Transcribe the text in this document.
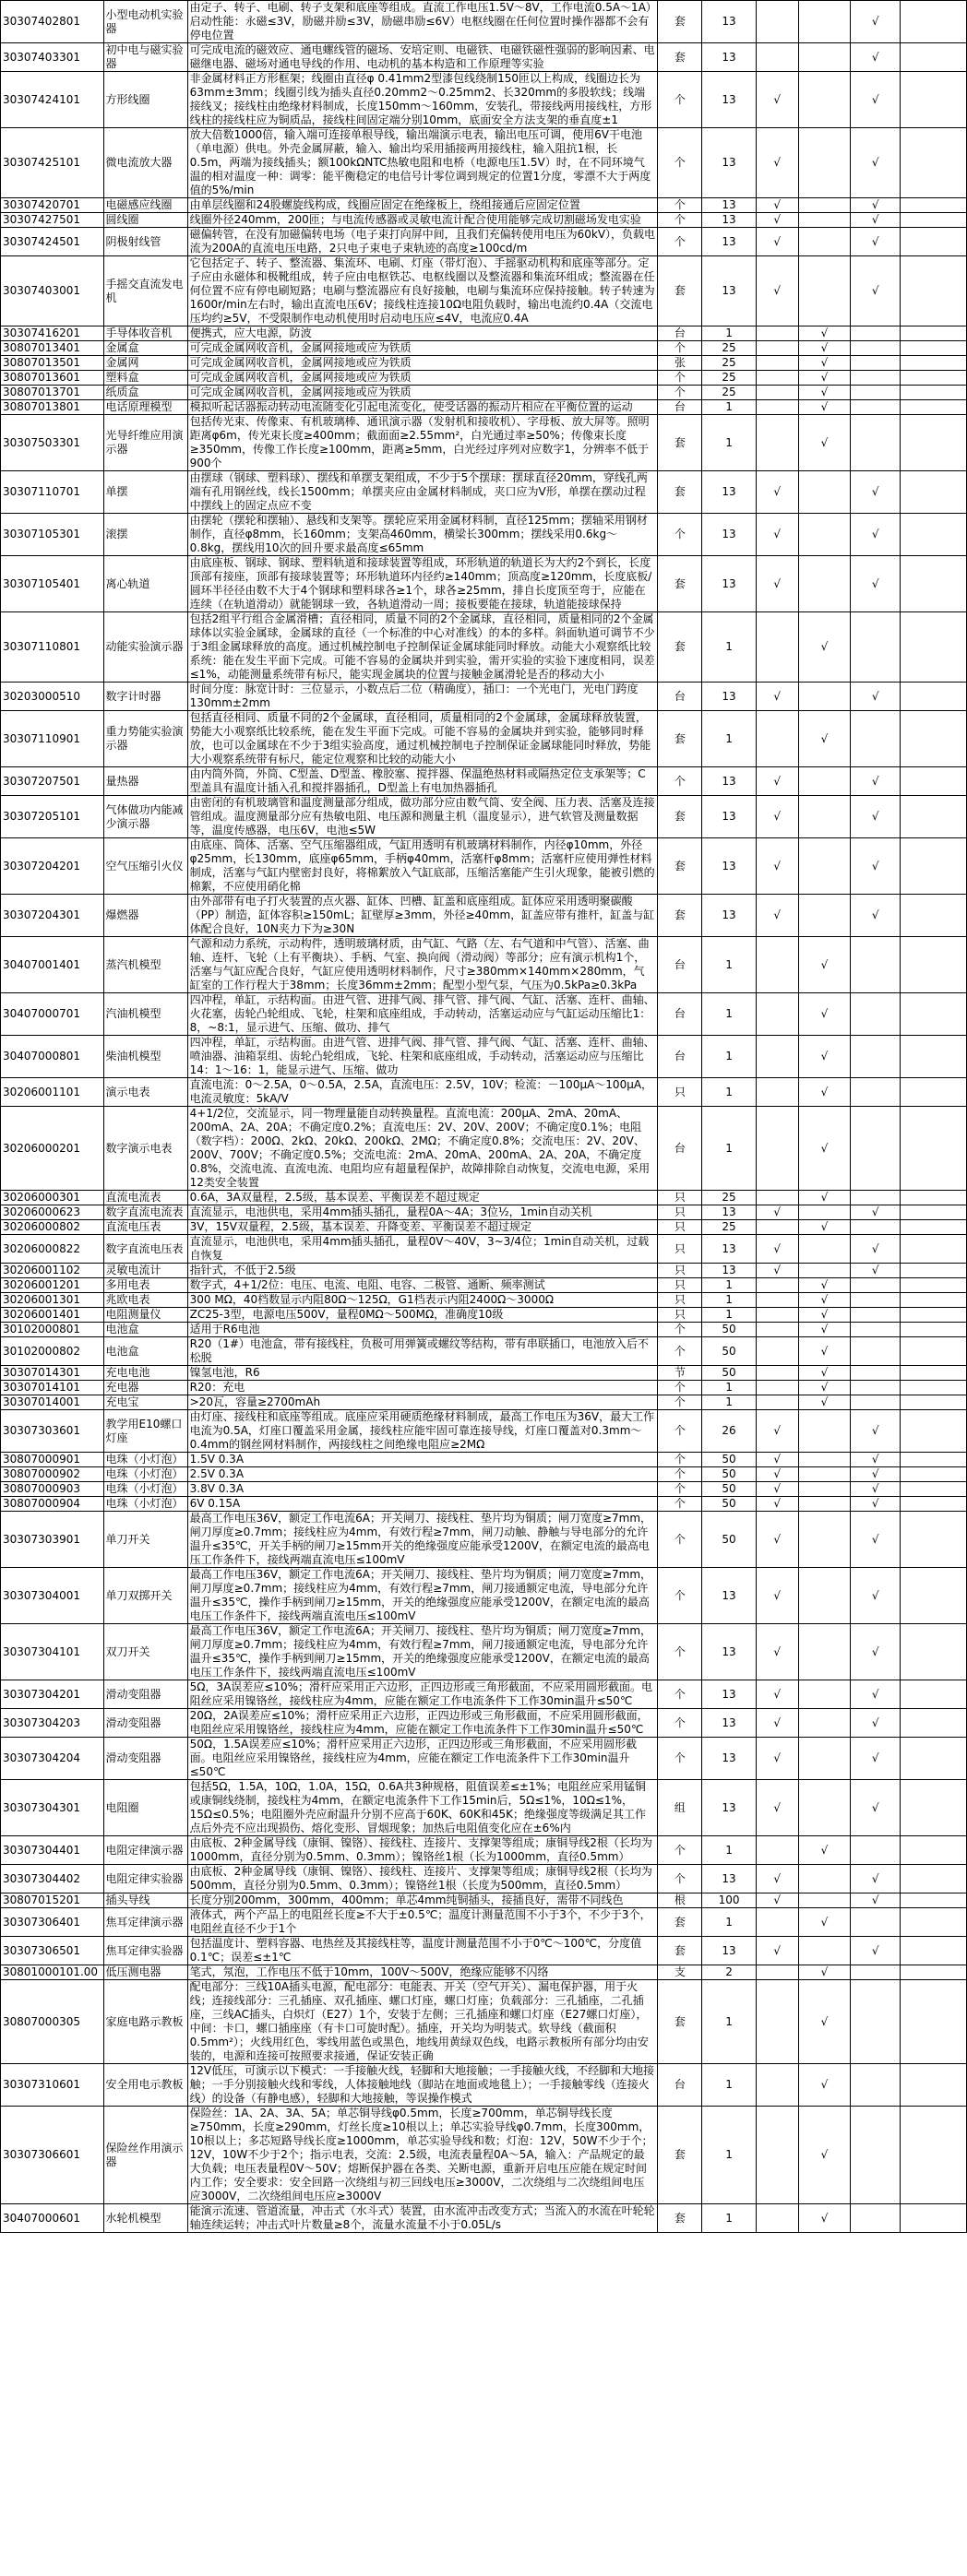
30307402801	小型电动机实验器	由定子、转子、电刷、转子支架和底座等组成。直流工作电压1.5V～8V，工作电流0.5A～1A）启动性能：永磁≤3V，励磁并励≤3V，励磁串励≤6V）电枢线圈在任何位置时操作器都不会有停电位置	套	13			√	
30307403301	初中电与磁实验器	可完成电流的磁效应、通电螺线管的磁场、安培定则、电磁铁、电磁铁磁性强弱的影响因素、电磁继电器、磁场对通电导线的作用、电动机的基本构造和工作原理等实验	套	13			√	
30307424101	方形线圈	非金属材料正方形框架；线圈由直径φ 0.41mm2型漆包线绕制150匝以上构成，线圈边长为63mm±3mm；线圈引线为插头直径0.20mm2～0.25mm2、长320mm的多股软线；线端接线叉；接线柱由绝缘材料制成，长度150mm～160mm，安装孔，带接线两用接线柱，方形线柱的接线柱应为铜质品，接线柱间固定端分别10mm，底面安全方法支架的垂直度±1	个	13	√		√	
30307425101	微电流放大器	放大倍数1000倍，输入端可连接单根导线，输出端演示电表，输出电压可调，使用6V干电池（单电源）供电。外壳金属屏蔽，输入、输出均采用插接两用接线柱，输入阻抗1根，长0.5m，两端为接线插头；额100kΩNTC热敏电阻和电桥（电源电压1.5V）时，在不同环境气温的相对温度一种：调零：能平衡稳定的电信号计零位调到规定的位置1分度，零漂不大于两度值的5%/min	个	13	√		√	
30307420701	电磁感应线圈	由单层线圈和24股螺旋线构成，线圈应固定在绝缘板上，绕组接通后应固定位置	个	13	√		√	
30307427501	圆线圈	线圈外径240mm，200匝；与电流传感器或灵敏电流计配合使用能够完成切割磁场发电实验	个	13	√		√	
30307424501	阴极射线管	磁偏转管，在没有加磁偏转电场（电子束打向屏中间，且我们充偏转使用电压为60kV），负载电流为200A的直流电压电路，2只电子束电子束轨迹的高度≥100cd/m	个	13	√		√	
30307403001	手摇交直流发电机	它包括定子、转子、整流器、集流环、电刷、灯座（带灯泡）、手摇驱动机构和底座等部分。定子应由永磁体和极靴组成，转子应由电枢铁芯、电枢线圈以及整流器和集流环组成；整流器在任何位置不应有停电刷短路；电刷与整流器应有良好接触，电刷与集流环应保持接触。转子转速为1600r/min左右时，输出直流电压6V；接线柱连接10Ω电阻负载时，输出电流约0.4A（交流电压均约≥5V，不受限制作电动机使用时启动电压应≤4V，电流应0.4A	套	13	√		√	
30307416201	手导体收音机	便携式，应大电源，防波	台	1		√		
30807013401	金属盒	可完成金属网收音机，金属网接地或应为铁质	个	25		√		
30807013501	金属网	可完成金属网收音机，金属网接地或应为铁质	张	25		√		
30807013601	塑料盒	可完成金属网收音机，金属网接地或应为铁质	个	25		√		
30807013701	纸质盒	可完成金属网收音机，金属网接地或应为铁质	个	25		√		
30807013801	电话原理模型	模拟听起话器振动转动电流随变化引起电流变化，使受话器的振动片相应在平衡位置的运动	台	1		√		
30307503301	光导纤维应用演示器	包括传光束、传像束、有机玻璃棒、通讯演示器（发射机和接收机）、字母板、放大屏等。照明距离φ6m，传光束长度≥400mm；截面面≥2.55mm²，白光通过率≥50%；传像束长度≥350mm，传像工作长度≥100mm，距离≥5mm，白光经过序列对应数字1，分辨率不低于900个	套	1		√		
30307110701	单摆	由摆球（钢球、塑料球）、摆线和单摆支架组成，不少于5个摆球：摆球直径20mm，穿线孔两端有孔用钢丝线，线长1500mm；单摆夹应由金属材料制成，夹口应为V形，单摆在摆动过程中摆线上的固定点应不变	套	13	√		√	
30307105301	滚摆	由摆轮（摆轮和摆轴）、悬线和支架等。摆轮应采用金属材料制，直径125mm；摆轴采用钢材制作，直径φ8mm，长160mm；支架高460mm，横梁长300mm；摆线采用0.6kg～0.8kg，摆线用10次的回升要求最高度≤65mm	个	13	√		√	
30307105401	离心轨道	由底座板、钢球、钢球、塑料轨道和接球装置等组成，环形轨道的轨道长为大约2个到长，长度顶部有接座，顶部有接球装置等；环形轨道环内径约≥140mm；顶高度≥120mm，长度底板/圆环半径径由数不大于4个钢球和塑料球各≥1个，球各≥25mm，排自长度顶至弯于，应能在连续（在轨道滑动）就能钢球一致，各轨道滑动一周；接板要能在接球，轨道能接球保持	套	13	√		√	
30307110801	动能实验演示器	包括2组平行组合金属滑槽；直径相同，质量不同的2个金属球，直径相同，质量相同的2个金属球体以实验金属球，金属球的直径（一个标准的中心对准线）的本的多样。斜面轨道可调节不少于3组金属球释放的高度。通过机械控制电子控制保证金属球能同时释放。动能大小观察纸比较系统：能在发生平面下完成。可能不容易的金属块并到实验，需开实验的实验下速度相同，误差≤1%，动能测量系统带有标尺，能实现金属块的位置与接触金属滑轮是否的移动大小	套	1		√		
30203000510	数字计时器	时间分度：脉宽计时：三位显示，小数点后二位（精确度），插口：一个光电门，光电门跨度130mm±2mm	台	13	√		√	
30307110901	重力势能实验演示器	包括直径相同、质量不同的2个金属球，直径相同，质量相同的2个金属球，金属球释放装置，势能大小观察纸比较系统，能在发生平面下完成。可能不容易的金属块并到实验，能够同时释放，也可以金属球在不少于3组实验高度，通过机械控制电子控制保证金属球能同时释放，势能大小观察系统带有标尺，能定位观察和比较的动能大小	套	1		√		
30307207501	量热器	由内筒外筒，外筒、C型盖、D型盖、橡胶塞、搅拌器、保温绝热材料或隔热定位支承架等；C型盖具有温度计插入孔和搅拌器插孔，D型盖上有电加热器插孔	个	13	√		√	
30307205101	气体做功内能减少演示器	由密闭的有机玻璃管和温度测量部分组成，做功部分应由数气筒、安全阀、压力表、活塞及连接管组成。温度测量部分应有热敏电阻、电压源和测量主机（温度显示），进气软管及测量数据等，温度传感器，电压6V，电池≤5W	套	13	√		√	
30307204201	空气压缩引火仪	由底座、筒体、活塞、空气压缩器组成，气缸用透明有机玻璃材料制作，内径φ10mm，外径φ25mm，长130mm，底座φ65mm，手柄φ40mm，活塞杆φ8mm；活塞杆应使用弹性材料制成，活塞与气缸内壁密封良好，将棉絮放入气缸底部，压缩活塞能产生引火现象，能被引燃的棉絮，不应使用硝化棉	套	13	√		√	
30307204301	爆燃器	由外部带有电子打火装置的点火器、缸体、凹槽、缸盖和底座组成。缸体应采用透明聚碳酸（PP）制造，缸体容积≥150mL；缸壁厚≥3mm，外径≥40mm，缸盖应带有推杆，缸盖与缸体配合良好，10N夹力下为≥30N	套	13	√		√	
30407001401	蒸汽机模型	气源和动力系统，示动构件，透明玻璃材质，由气缸、气路（左、右气道和中气管）、活塞、曲轴、连杆、飞轮（上有平衡块）、手柄、气室、换向阀（滑动阀）等部分；应有演示机构1个，活塞与气缸应配合良好，气缸应使用透明材料制作，尺寸≥380mm×140mm×280mm，气缸室的工作行程大于38mm；长度36mm±2mm；配型小型气泵，气压为0.5kPa≥0.3kPa	台	1		√		
30407000701	汽油机模型	四冲程，单缸，示结构面。由进气管、进排气阀、排气管、排气阀、气缸、活塞、连杆、曲轴、火花塞，齿轮凸轮组成、飞轮，柱架和底座组成，手动转动，活塞运动应与气缸运动压缩比1：8，~8:1，显示进气、压缩、做功、排气	台	1		√		
30407000801	柴油机模型	四冲程，单缸，示结构面。由进气管、进排气阀、排气管、排气阀、气缸、活塞、连杆、曲轴、喷油器、油箱泵组、齿轮凸轮组成，飞轮、柱架和底座组成，手动转动，活塞运动应与压缩比14：1～16：1，能显示进气、压缩、做功	台	1		√		
30206001101	演示电表	直流电流：0～2.5A，0～0.5A，2.5A，直流电压：2.5V，10V；检流：－100μA～100μA，电流灵敏度：5kA/V	只	1		√		
30206000201	数字演示电表	4+1/2位，交流显示，同一物理量能自动转换量程。直流电流：200μA、2mA、20mA、200mA、2A、20A；不确定度0.2%；直流电压：2V、20V、200V；不确定度0.1%；电阻（数字档）：200Ω、2kΩ、20kΩ、200kΩ、2MΩ；不确定度0.8%；交流电压：2V、20V、200V、700V；不确定度0.5%；交流电流：2mA、20mA、200mA、2A、20A，不确定度0.8%，交流电流、直流电流、电阻均应有超量程保护，故障排除自动恢复，交流电电源，采用12类安全装置	台	1		√		
30206000301	直流电流表	0.6A，3A双量程，2.5级，基本误差、平衡误差不超过规定	只	25		√		
30206000623	数字直流电流表	直流显示，电池供电，采用4mm插头插孔，量程0A～4A；3位½，1min自动关机	只	13	√		√	
30206000802	直流电压表	3V，15V双量程，2.5级，基本误差、升降变差、平衡误差不超过规定	只	25		√		
30206000822	数字直流电压表	直流显示，电池供电，采用4mm插头插孔，量程0V～40V，3~3/4位；1min自动关机，过载自恢复	只	13	√		√	
30206001102	灵敏电流计	指针式，不低于2.5级	只	13	√		√	
30206001201	多用电表	数字式，4+1/2位：电压、电流、电阻、电容、二极管、通断、频率测试	只	1		√		
30206001301	兆欧电表	300 MΩ，40档数显示内阻80Ω～125Ω，G1档表示内阻2400Ω～3000Ω	只	1		√		
30206001401	电阻测量仪	ZC25-3型，电源电压500V，量程0MΩ～500MΩ，准确度10级	只	1		√		
30102000801	电池盒	适用于R6电池	个	50		√		
30102000802	电池盒	R20（1#）电池盒，带有接线柱，负极可用弹簧或螺纹等结构，带有串联插口，电池放入后不松脱	个	50		√		
30307014301	充电电池	镍氢电池，R6	节	50		√		
30307014101	充电器	R20：充电	个	1		√		
30307014001	充电宝	>20瓦，容量≥2700mAh	个	1		√		
30307303601	教学用E10螺口灯座	由灯座、接线柱和底座等组成。底座应采用硬质绝缘材料制成，最高工作电压为36V，最大工作电流为0.5A，灯座口覆盖采用金属，接线柱应能牢固可靠连接导线，灯座口覆盖对0.3mm～0.4mm的钢丝网材料制作，两接线柱之间绝缘电阻应≥2MΩ	个	26	√		√	
30807000901	电珠（小灯泡）	1.5V 0.3A	个	50	√		√	
30807000902	电珠（小灯泡）	2.5V 0.3A	个	50	√		√	
30807000903	电珠（小灯泡）	3.8V 0.3A	个	50	√		√	
30807000904	电珠（小灯泡）	6V 0.15A	个	50	√		√	
30307303901	单刀开关	最高工作电压36V，额定工作电流6A；开关闸刀、接线柱、垫片均为铜质；闸刀宽度≥7mm，闸刀厚度≥0.7mm；接线柱应为4mm，有效行程≥7mm，闸刀动触、静触与导电部分的允许温升≤35℃，开关手柄的闸刀≥15mm开关的绝缘强度应能承受1200V，在额定电流的最高电压工作条件下，接线两端直流电压≤100mV	个	50	√		√	
30307304001	单刀双掷开关	最高工作电压36V，额定工作电流6A；开关闸刀、接线柱、垫片均为铜质；闸刀宽度≥7mm，闸刀厚度≥0.7mm；接线柱应为4mm，有效行程≥7mm，闸刀接通额定电流，导电部分允许温升≤35℃，操作手柄到闸刀≥15mm，开关的绝缘强度应能承受1200V，在额定电流的最高电压工作条件下，接线两端直流电压≤100mV	个	13	√		√	
30307304101	双刀开关	最高工作电压36V，额定工作电流6A；开关闸刀、接线柱、垫片均为铜质；闸刀宽度≥7mm，闸刀厚度≥0.7mm；接线柱应为4mm，有效行程≥7mm，闸刀接通额定电流，导电部分允许温升≤35℃，操作手柄到闸刀≥15mm，开关的绝缘强度应能承受1200V，在额定电流的最高电压工作条件下，接线两端直流电压≤100mV	个	13	√		√	
30307304201	滑动变阻器	5Ω，3A误差应≤10%；滑杆应采用正六边形，正四边形或三角形截面，不应采用圆形截面。电阻丝应采用镍铬丝，接线柱应为4mm，应能在额定工作电流条件下工作30min温升≤50℃	个	13	√		√	
30307304203	滑动变阻器	20Ω，2A误差应≤10%；滑杆应采用正六边形，正四边形或三角形截面，不应采用圆形截面，电阻丝应采用镍铬丝，接线柱应为4mm，应能在额定工作电流条件下工作30min温升≤50℃	个	13	√		√	
30307304204	滑动变阻器	50Ω，1.5A误差应≤10%；滑杆应采用正六边形，正四边形或三角形截面，不应采用圆形截面。电阻丝应采用镍铬丝，接线柱应为4mm，应能在额定工作电流条件下工作30min温升≤50℃	个	13	√		√	
30307304301	电阻圈	包括5Ω，1.5A，10Ω，1.0A，15Ω，0.6A共3种规格，阻值误差≤±1%；电阻丝应采用锰铜或康铜线绕制，接线柱为4mm，在额定电流条件下工作15min后，5Ω≤1%，10Ω≤1%，15Ω≤0.5%；电阻圈外壳应耐温升分别不应高于60K、60K和45K；绝缘强度等级满足其工作点后外壳不应出现损伤、熔化变形、冒烟现象；加热后电阻值变化应在±6%内	组	13	√		√	
30307304401	电阻定律演示器	由底板、2种金属导线（康铜、镍铬）、接线柱、连接片、支撑架等组成；康铜导线2根（长均为1000mm，直径分别为0.5mm、0.3mm）；镍铬丝1根（长为1000mm，直径0.5mm）	个	1		√		
30307304402	电阻定律实验器	由底板、2种金属导线（康铜、镍铬）、接线柱、连接片、支撑架等组成；康铜导线2根（长均为500mm，直径分别为0.5mm、0.3mm）；镍铬丝1根（长度为500mm，直径0.5mm）	个	13	√		√	
30807015201	插头导线	长度分别200mm，300mm，400mm；单芯4mm纯铜插头，接插良好，需带不同线色	根	100	√		√	
30307306401	焦耳定律演示器	液体式，两个产品上的电阻丝长度≥不大于±0.5℃；温度计测量范围不小于3个，不少于3个，电阻丝直径不少于1个	套	1		√		
30307306501	焦耳定律实验器	包括温度计、塑料容器、电热丝及其接线柱等，温度计测量范围不小于0℃～100℃，分度值0.1℃；误差≤±1℃	套	13	√		√	
30801000101.00	低压测电器	笔式，氖泡，工作电压不低于10mm，100V～500V，绝缘应能够不闪络	支	2		√		
30807000305	家庭电路示教板	配电部分：三线10A插头电源，配电部分：电能表、开关（空气开关）、漏电保护器，用于火线；连接线部分：三孔插座、双孔插座、螺口灯座，螺口灯座；负载部分：三孔插座，二孔插座，三线AC插头，白炽灯（E27）1个，安装于左侧；三孔插座和螺口灯座（E27螺口灯座），中间：卡口，螺口插座座（有卡口可旋时配）。插座，开关均为明装式。软导线（截面积0.5mm²）；火线用红色，零线用蓝色或黑色，地线用黄绿双色线，电路示教板所有部分均由安装的，电源和连接可按照要求接通，保证安装正确	套	1		√		
30307310601	安全用电示教板	12V低压，可演示以下模式：一手接触火线，轻脚和大地接触；一手接触火线，不经脚和大地接触；一手分别接触火线和零线，人体接触地线（脚站在地面或地毯上）；一手接触零线（连接火线）的设备（有静电感），轻脚和大地接触，等误操作模式	台	1		√		
30307306601	保险丝作用演示器	保险丝：1A、2A、3A、5A；单芯铜导线φ0.5mm，长度≥700mm，单芯铜导线长度≥750mm，长度≥290mm，灯丝长度≥10根以上；单芯实验导线φ0.7mm，长度300mm，10根以上；多芯短路导线长度≥1000mm，单芯实验导线和数；灯泡：12V，50W不少于个；12V，10W不少于2个；指示电表，交流：2.5级，电流表量程0A～5A，输入：产品规定的最大负载；电压表量程0V～50V；熔断保护器在各类、关断电源，重新开启电压应能在规定时间内工作；安全要求：安全回路一次绕组与初三回线电压≥3000V，二次绕组与二次绕组间电压应3000V，二次绕组间电压应≥3000V	套	1		√		
30407000601	水轮机模型	能演示流速、管道流量，冲击式（水斗式）装置，由水流冲击改变方式；当流入的水流在叶轮轮轴连续运转；冲击式叶片数量≥8个，流量水流量不小于0.05L/s	套	1		√		
